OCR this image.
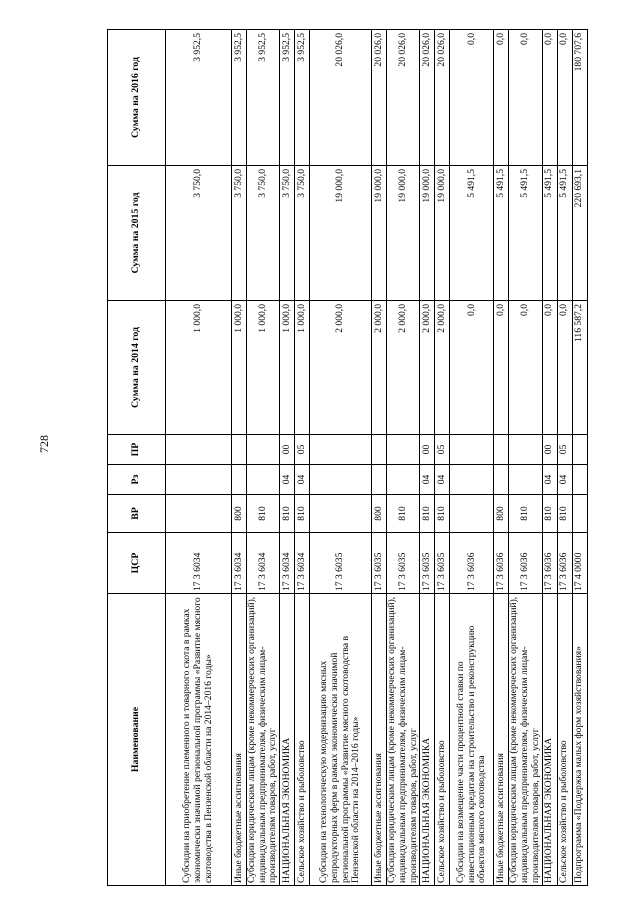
728
Наименование	ЦСР	ВР	Рз	ПР	Сумма на 2014 год	Сумма на 2015 год	Сумма на 2016 год
Субсидии на приобретение племенного и товарного скота в рамках экономически значимой региональной программы «Развитие мясного скотоводства в Пензенской области на 2014–2016 годы»	17 3 6034				1 000,0	3 750,0	3 952,5
Иные бюджетные ассигнования	17 3 6034	800			1 000,0	3 750,0	3 952,5
Субсидии юридическим лицам (кроме некоммерческих организаций), индивидуальным предпринимателям, физическим лицам-производителям товаров, работ, услуг	17 3 6034	810			1 000,0	3 750,0	3 952,5
НАЦИОНАЛЬНАЯ ЭКОНОМИКА	17 3 6034	810	04	00	1 000,0	3 750,0	3 952,5
Сельское хозяйство и рыболовство	17 3 6034	810	04	05	1 000,0	3 750,0	3 952,5
Субсидии на технологическую модернизацию мясных репродукторных ферм в рамках экономически значимой региональной программы «Развитие мясного скотоводства в Пензенской области на 2014–2016 годы»	17 3 6035				2 000,0	19 000,0	20 026,0
Иные бюджетные ассигнования	17 3 6035	800			2 000,0	19 000,0	20 026,0
Субсидии юридическим лицам (кроме некоммерческих организаций), индивидуальным предпринимателям, физическим лицам-производителям товаров, работ, услуг	17 3 6035	810			2 000,0	19 000,0	20 026,0
НАЦИОНАЛЬНАЯ ЭКОНОМИКА	17 3 6035	810	04	00	2 000,0	19 000,0	20 026,0
Сельское хозяйство и рыболовство	17 3 6035	810	04	05	2 000,0	19 000,0	20 026,0
Субсидии на возмещение части процентной ставки по инвестиционным кредитам на строительство и реконструкцию объектов мясного скотоводства	17 3 6036				0,0	5 491,5	0,0
Иные бюджетные ассигнования	17 3 6036	800			0,0	5 491,5	0,0
Субсидии юридическим лицам (кроме некоммерческих организаций), индивидуальным предпринимателям, физическим лицам-производителям товаров, работ, услуг	17 3 6036	810			0,0	5 491,5	0,0
НАЦИОНАЛЬНАЯ ЭКОНОМИКА	17 3 6036	810	04	00	0,0	5 491,5	0,0
Сельское хозяйство и рыболовство	17 3 6036	810	04	05	0,0	5 491,5	0,0
Подпрограмма «Поддержка малых форм хозяйствования»	17 4 0000				116 587,2	220 693,1	180 707,6
